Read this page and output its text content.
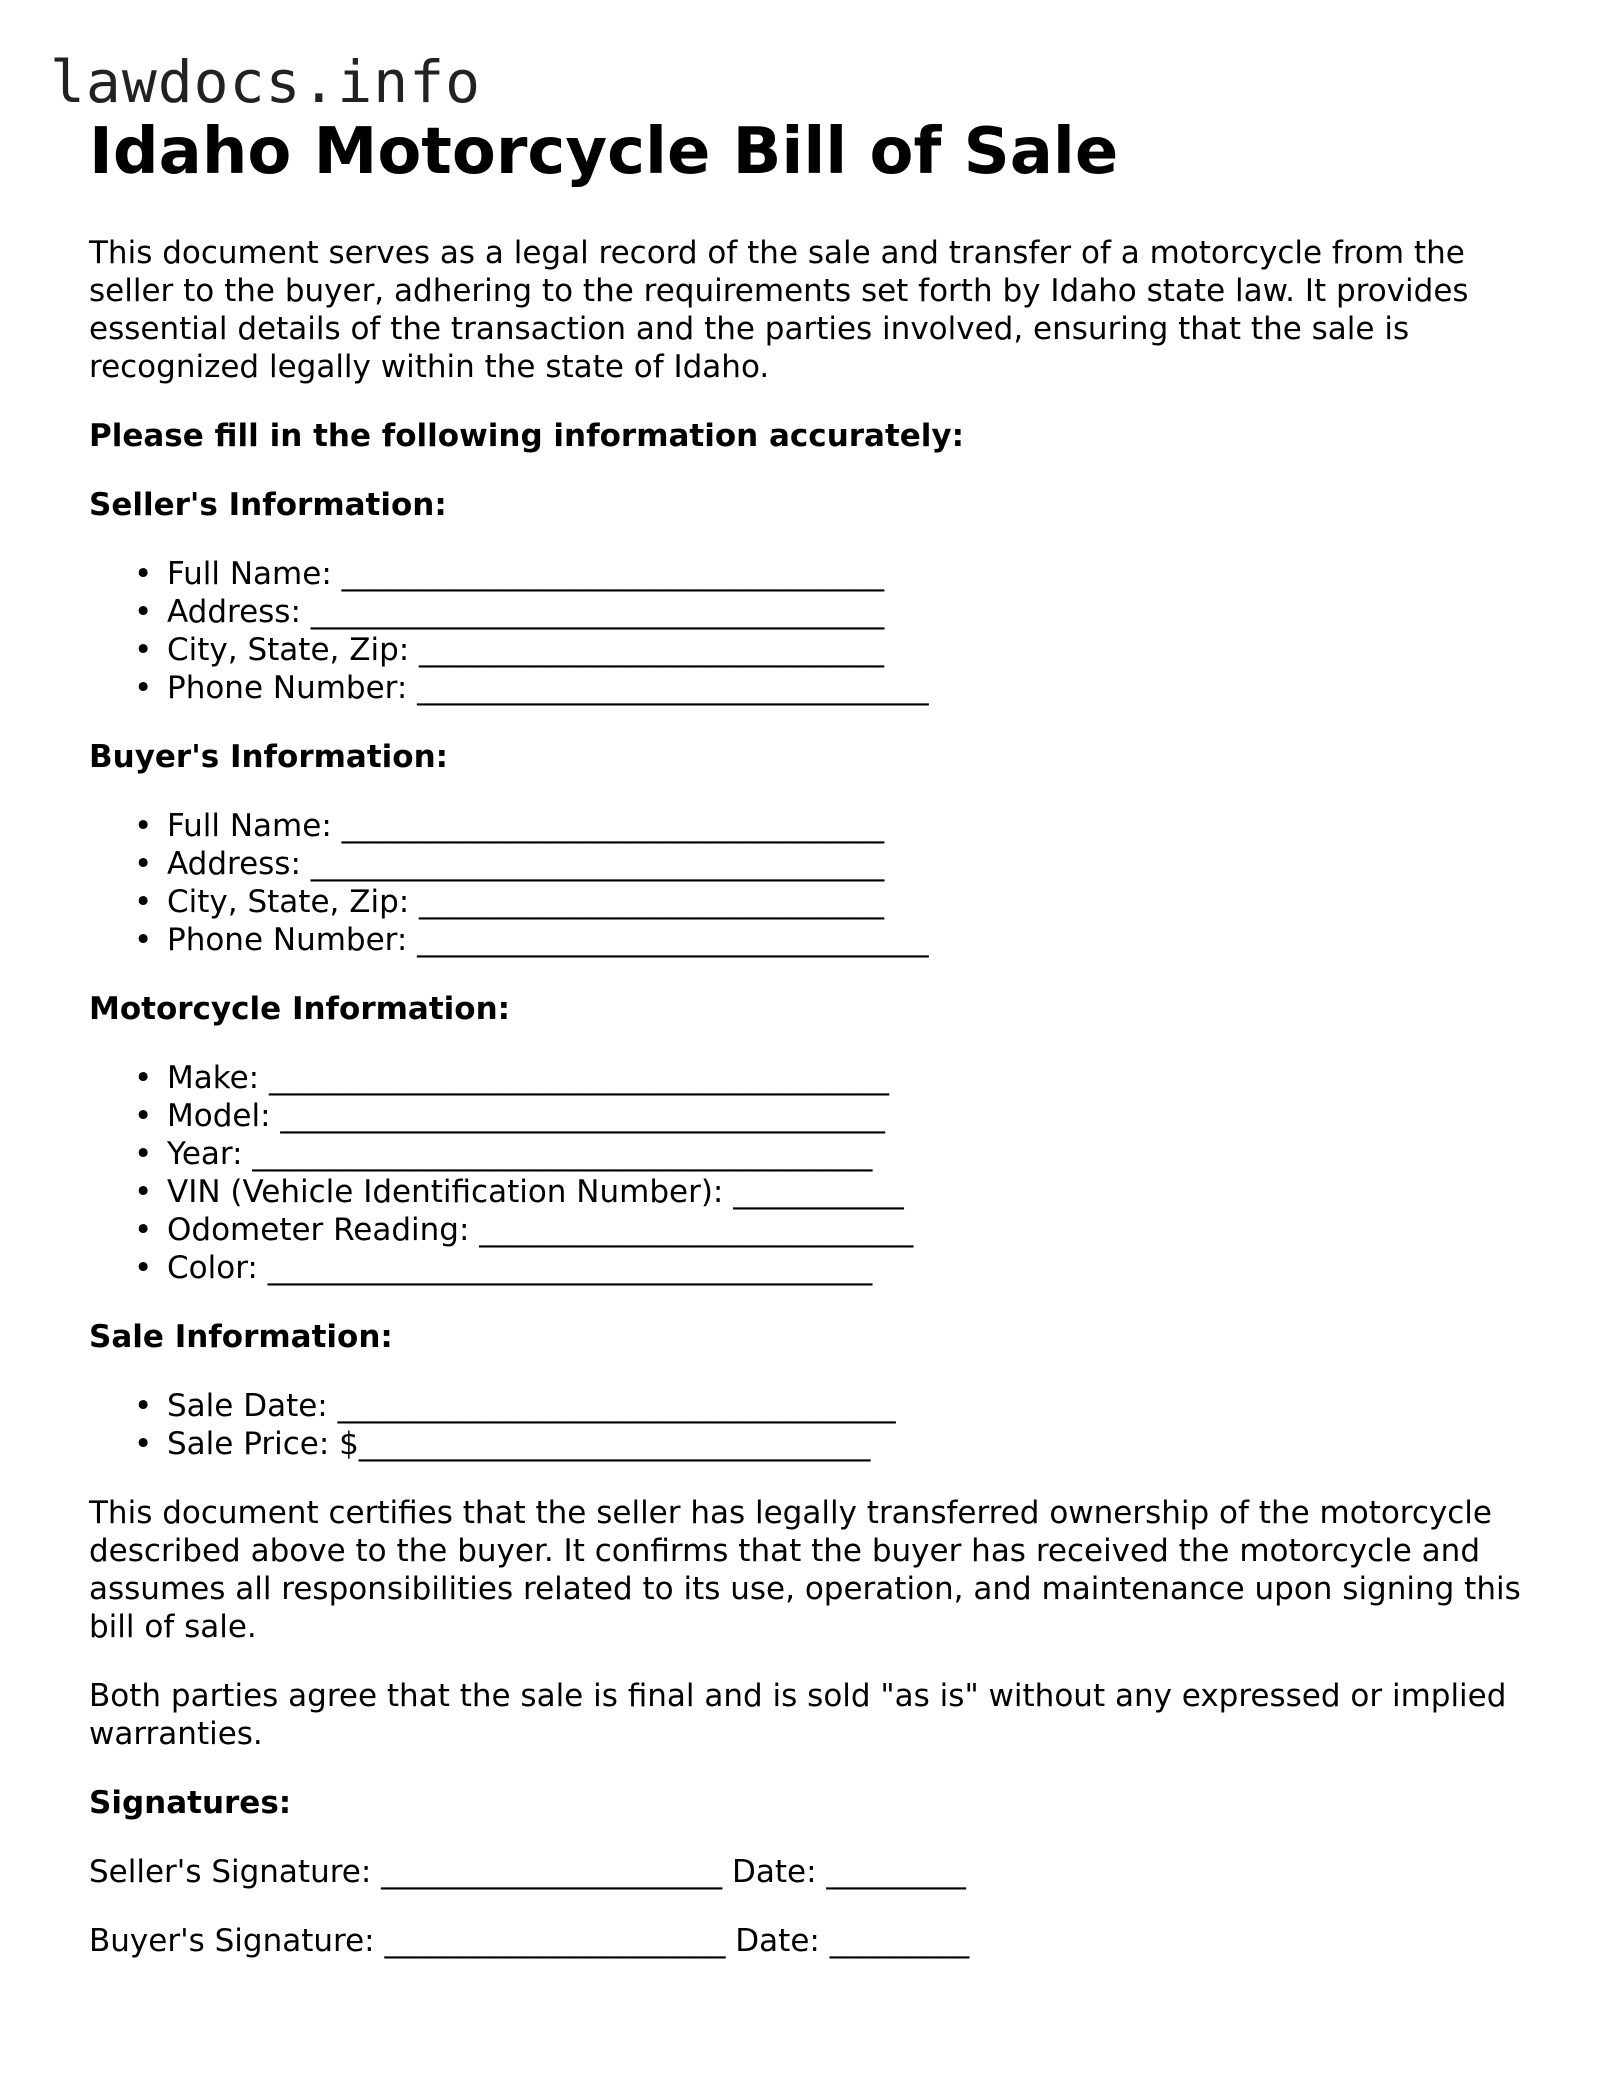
lawdocs.info
Idaho Motorcycle Bill of Sale

This document serves as a legal record of the sale and transfer of a motorcycle from the seller to the buyer, adhering to the requirements set forth by Idaho state law. It provides essential details of the transaction and the parties involved, ensuring that the sale is recognized legally within the state of Idaho.

Please fill in the following information accurately:

Seller's Information:

• Full Name: ___________________________________
• Address: _____________________________________
• City, State, Zip: ______________________________
• Phone Number: _________________________________

Buyer's Information:

• Full Name: ___________________________________
• Address: _____________________________________
• City, State, Zip: ______________________________
• Phone Number: _________________________________

Motorcycle Information:

• Make: ________________________________________
• Model: _______________________________________
• Year: ________________________________________
• VIN (Vehicle Identification Number): ___________
• Odometer Reading: ____________________________
• Color: _______________________________________

Sale Information:

• Sale Date: ____________________________________
• Sale Price: $_________________________________

This document certifies that the seller has legally transferred ownership of the motorcycle described above to the buyer. It confirms that the buyer has received the motorcycle and assumes all responsibilities related to its use, operation, and maintenance upon signing this bill of sale.

Both parties agree that the sale is final and is sold "as is" without any expressed or implied warranties.

Signatures:

Seller's Signature: ______________________ Date: _________

Buyer's Signature: ______________________ Date: _________
